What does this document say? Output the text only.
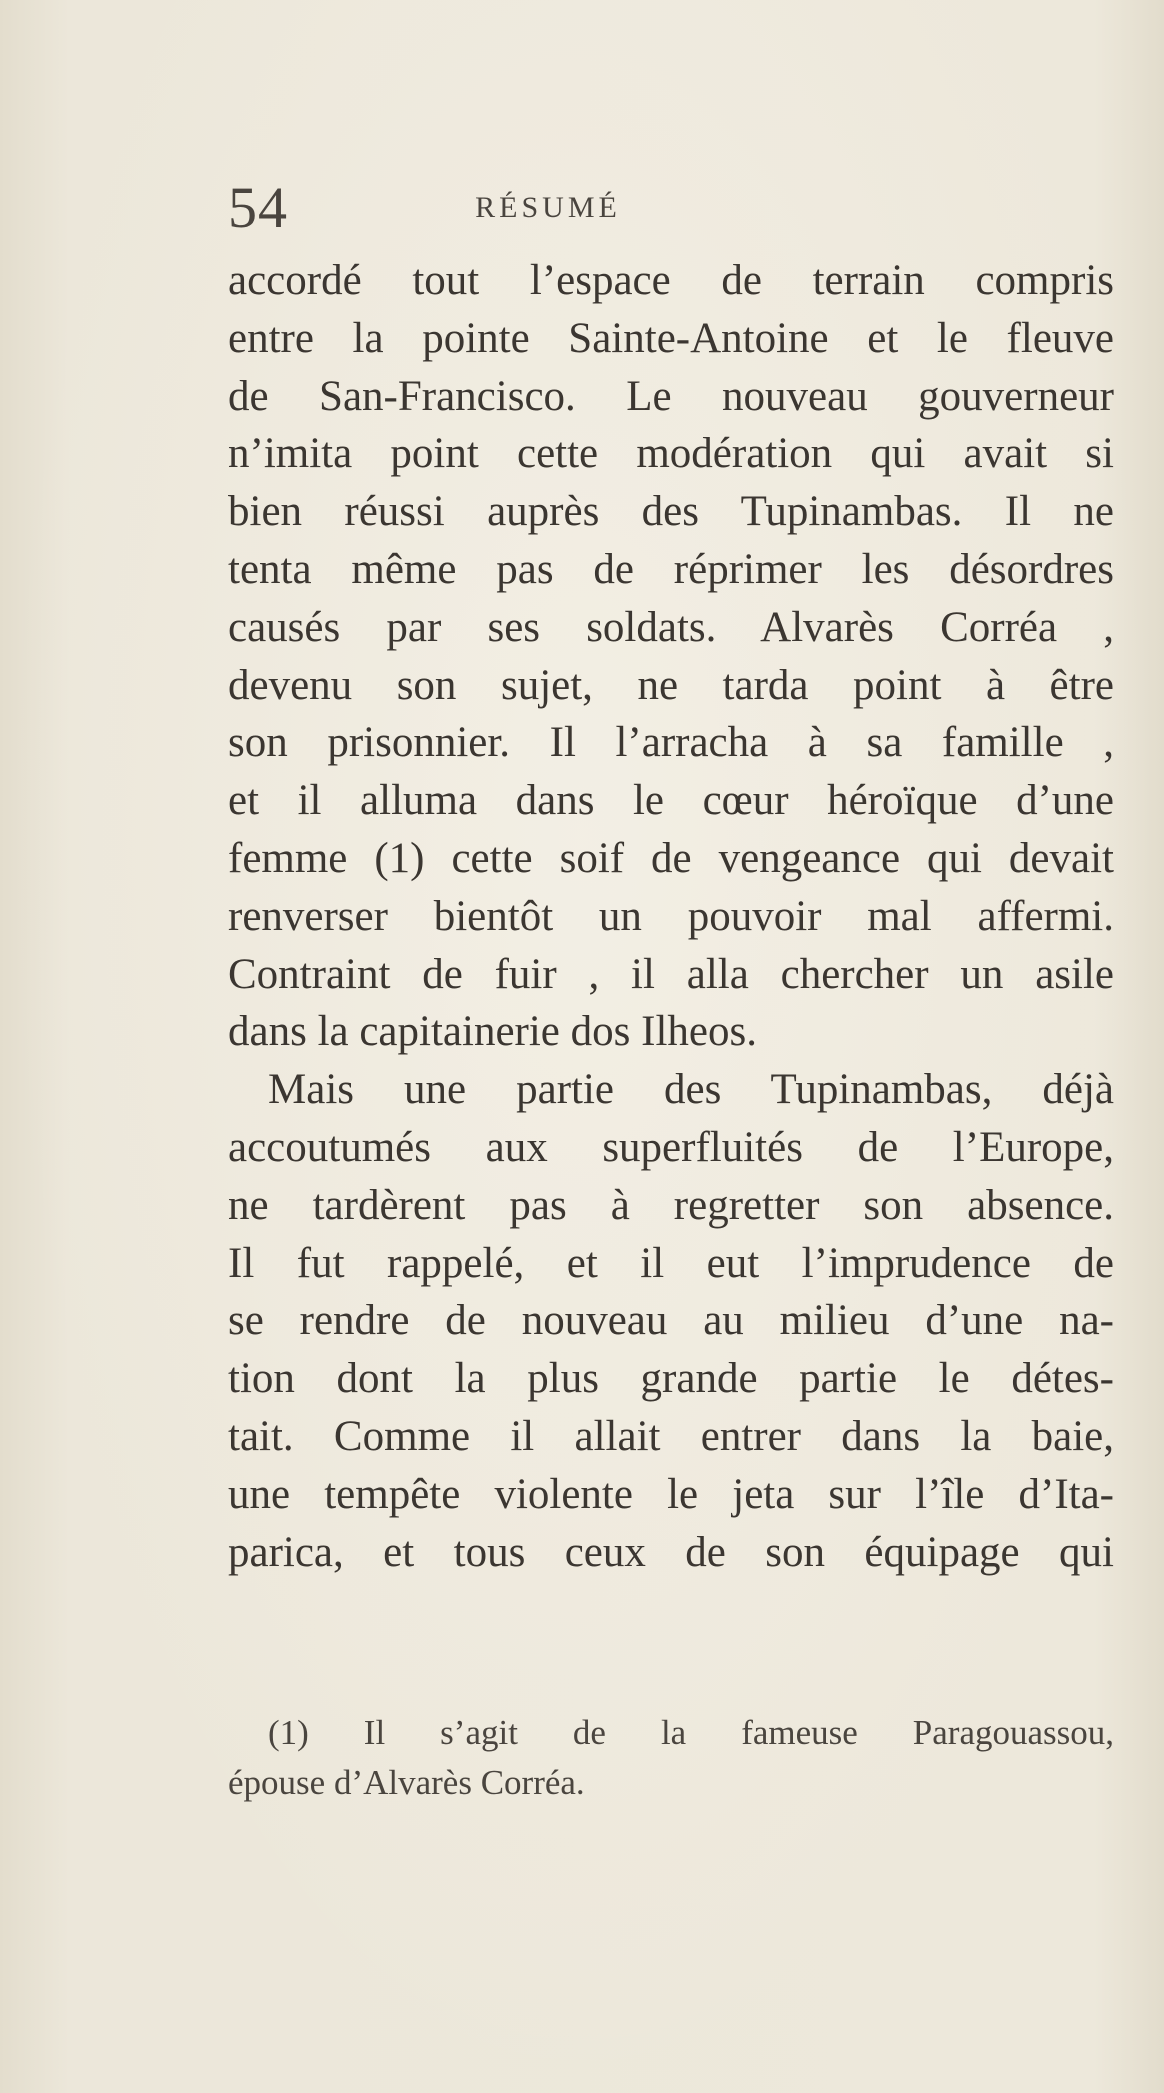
54	RÉSUMÉ
accordé tout l’espace de terrain compris
entre la pointe Sainte-Antoine et le fleuve
de San-Francisco. Le nouveau gouverneur
n’imita point cette modération qui avait si
bien réussi auprès des Tupinambas. Il ne
tenta même pas de réprimer les désordres
causés par ses soldats. Alvarès Corréa ,
devenu son sujet, ne tarda point à être
son prisonnier. Il l’arracha à sa famille ,
et il alluma dans le cœur héroïque d’une
femme (1) cette soif de vengeance qui devait
renverser bientôt un pouvoir mal affermi.
Contraint de fuir , il alla chercher un asile
dans la capitainerie dos Ilheos.
Mais une partie des Tupinambas, déjà
accoutumés aux superfluités de l’Europe,
ne tardèrent pas à regretter son absence.
Il fut rappelé, et il eut l’imprudence de
se rendre de nouveau au milieu d’une na-
tion dont la plus grande partie le détes-
tait. Comme il allait entrer dans la baie,
une tempête violente le jeta sur l’île d’Ita-
parica, et tous ceux de son équipage qui
(1) Il s’agit de la fameuse Paragouassou,
épouse d’Alvarès Corréa.
